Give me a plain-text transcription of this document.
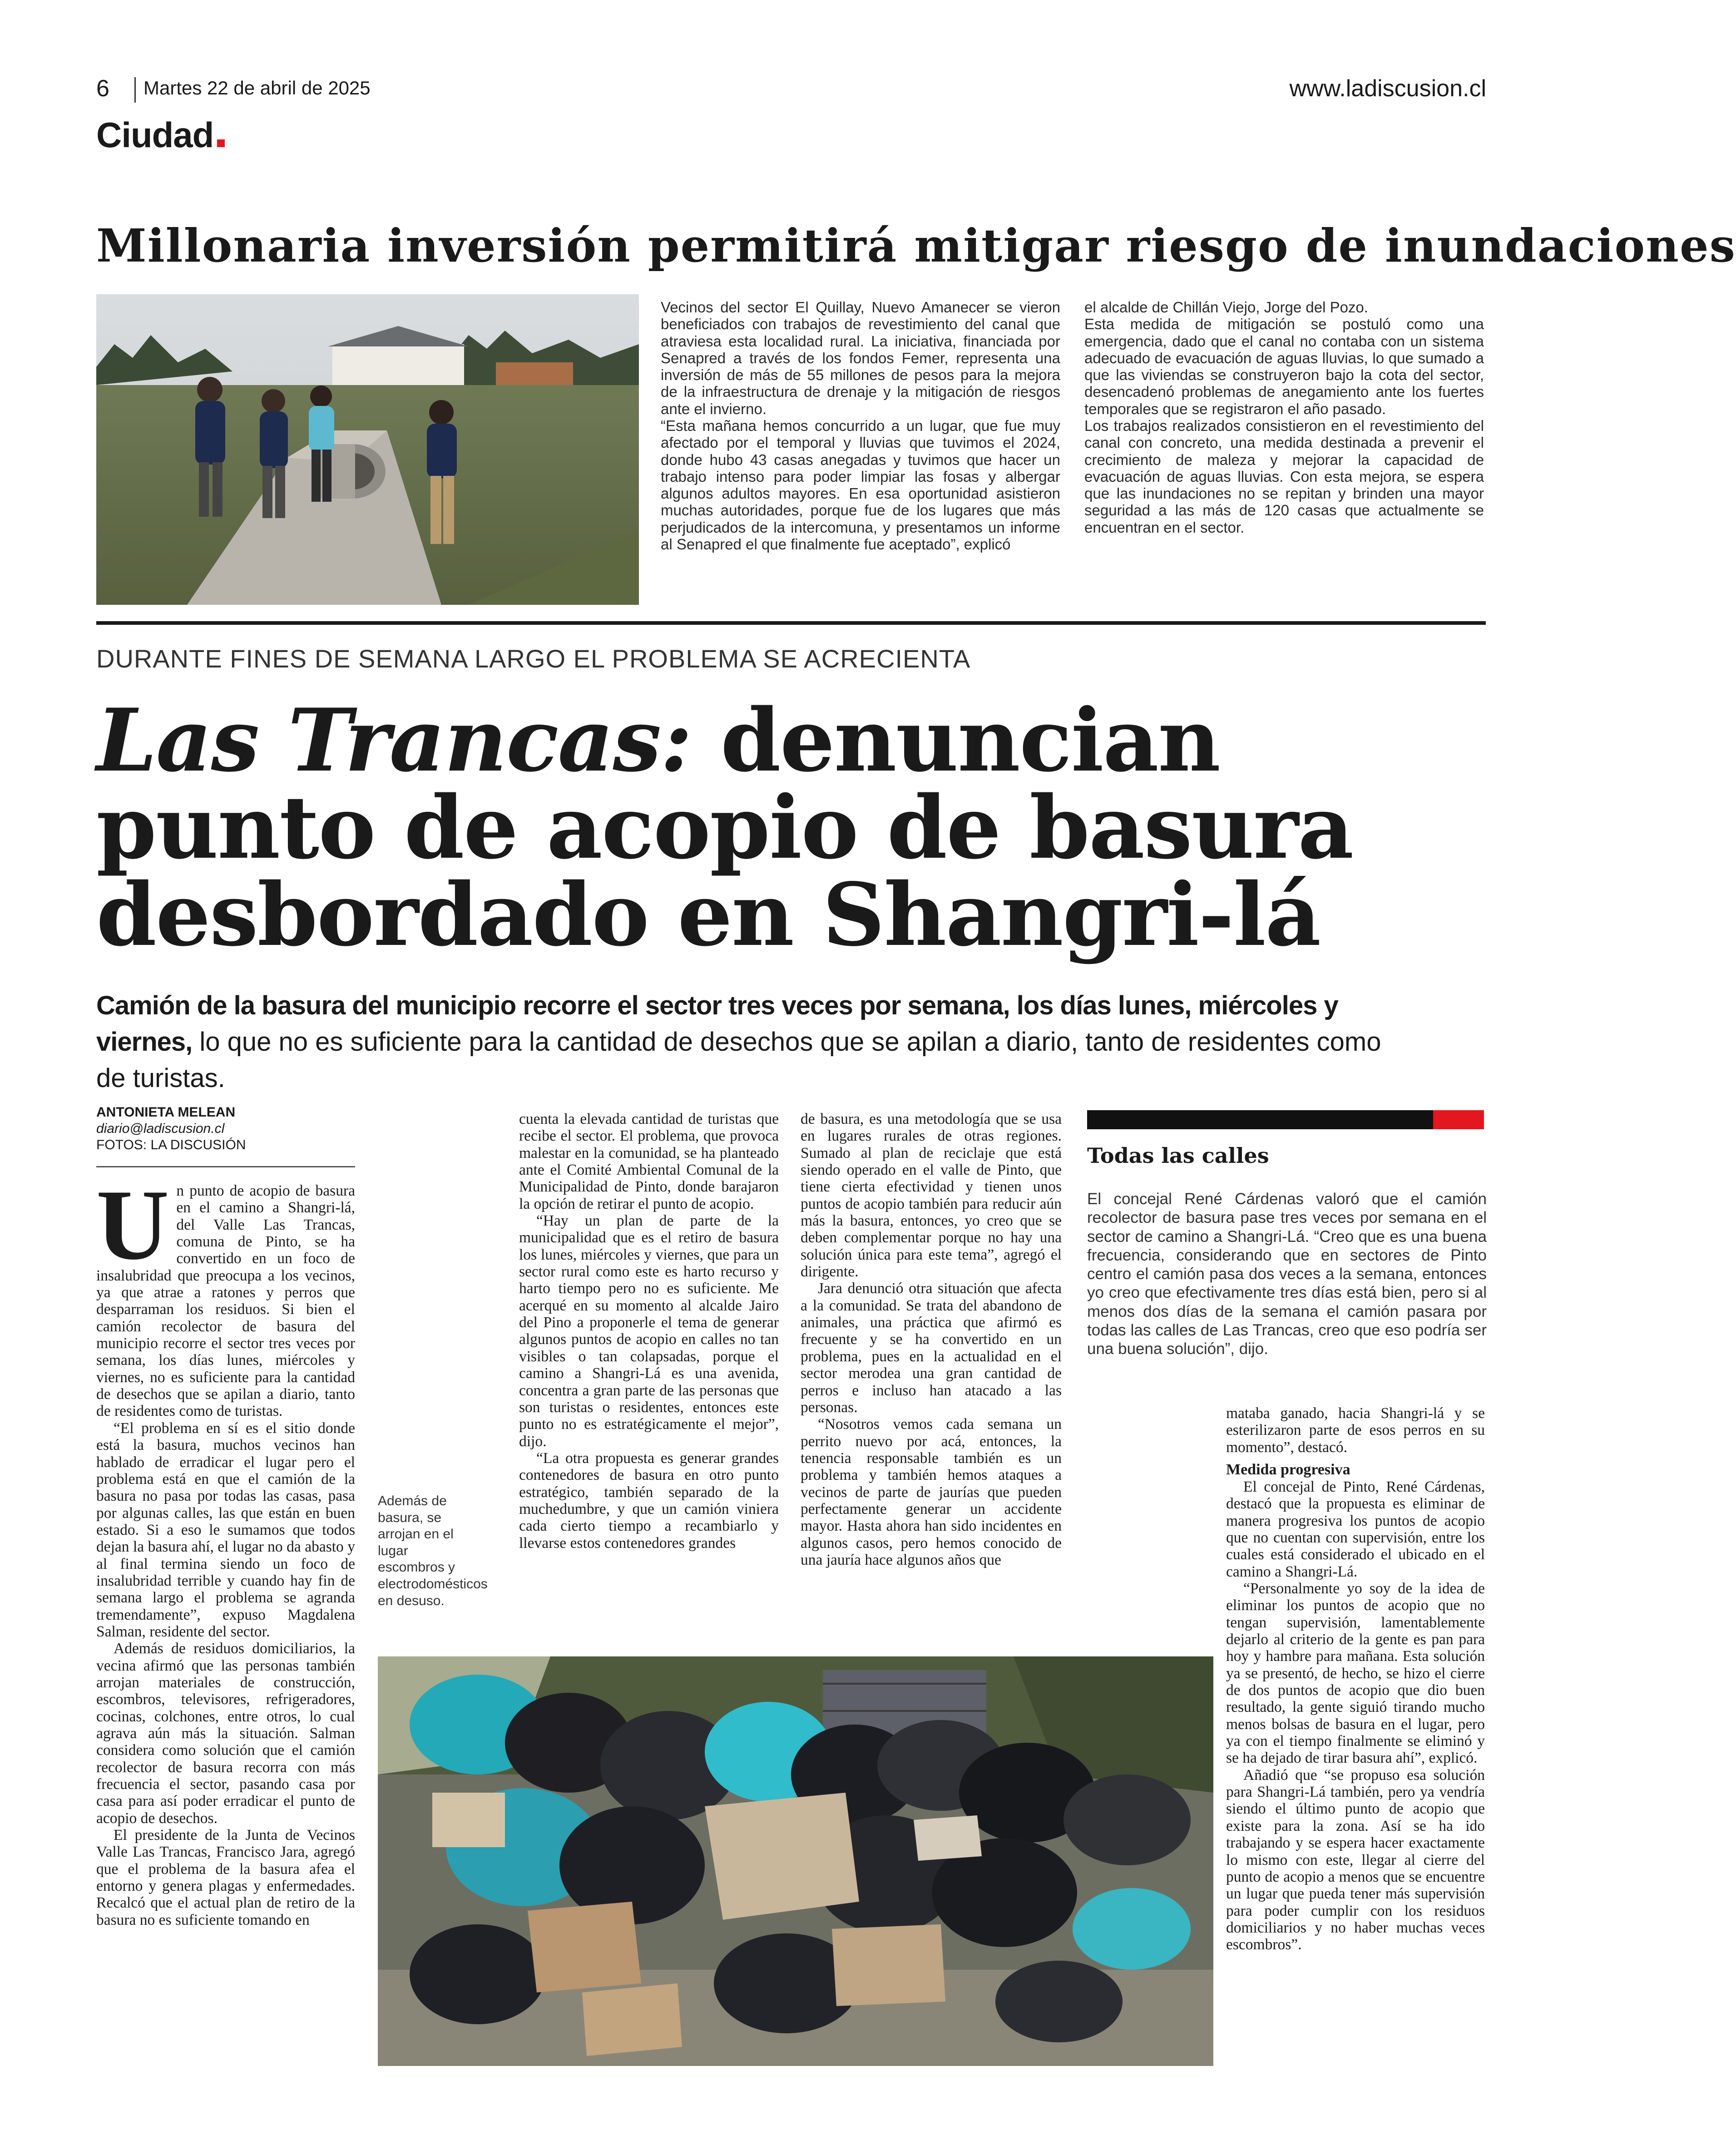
6 Martes 22 de abril de 2025	www.ladiscusion.cl
Ciudad
Millonaria inversión permitirá mitigar riesgo de inundaciones
Vecinos del sector El Quillay, Nuevo Amanecer se vieron beneficiados con trabajos de revestimiento del canal que atraviesa esta localidad rural. La iniciativa, financiada por Senapred a través de los fondos Femer, representa una inversión de más de 55 millones de pesos para la mejora de la infraestructura de drenaje y la mitigación de riesgos ante el invierno.
“Esta mañana hemos concurrido a un lugar, que fue muy afectado por el temporal y lluvias que tuvimos el 2024, donde hubo 43 casas anegadas y tuvimos que hacer un trabajo intenso para poder limpiar las fosas y albergar algunos adultos mayores. En esa oportunidad asistieron muchas autoridades, porque fue de los lugares que más perjudicados de la intercomuna, y presentamos un informe al Senapred el que finalmente fue aceptado”, explicó
el alcalde de Chillán Viejo, Jorge del Pozo.
Esta medida de mitigación se postuló como una emergencia, dado que el canal no contaba con un sistema adecuado de evacuación de aguas lluvias, lo que sumado a que las viviendas se construyeron bajo la cota del sector, desencadenó problemas de anegamiento ante los fuertes temporales que se registraron el año pasado.
Los trabajos realizados consistieron en el revestimiento del canal con concreto, una medida destinada a prevenir el crecimiento de maleza y mejorar la capacidad de evacuación de aguas lluvias. Con esta mejora, se espera que las inundaciones no se repitan y brinden una mayor seguridad a las más de 120 casas que actualmente se encuentran en el sector.
DURANTE FINES DE SEMANA LARGO EL PROBLEMA SE ACRECIENTA
Las Trancas: denuncian
punto de acopio de basura
desbordado en Shangri-lá
Camión de la basura del municipio recorre el sector tres veces por semana, los días lunes, miércoles y viernes, lo que no es suficiente para la cantidad de desechos que se apilan a diario, tanto de residentes como de turistas.
ANTONIETA MELEAN
diario@ladiscusion.cl
FOTOS: LA DISCUSIÓN

Un punto de acopio de basura en el camino a Shangri-lá, del Valle Las Trancas, comuna de Pinto, se ha convertido en un foco de insalubridad que preocupa a los vecinos, ya que atrae a ratones y perros que desparraman los residuos. Si bien el camión recolector de basura del municipio recorre el sector tres veces por semana, los días lunes, miércoles y viernes, no es suficiente para la cantidad de desechos que se apilan a diario, tanto de residentes como de turistas.

“El problema en sí es el sitio donde está la basura, muchos vecinos han hablado de erradicar el lugar pero el problema está en que el camión de la basura no pasa por todas las casas, pasa por algunas calles, las que están en buen estado. Si a eso le sumamos que todos dejan la basura ahí, el lugar no da abasto y al final termina siendo un foco de insalubridad terrible y cuando hay fin de semana largo el problema se agranda tremendamente”, expuso Magdalena Salman, residente del sector.

Además de residuos domiciliarios, la vecina afirmó que las personas también arrojan materiales de construcción, escombros, televisores, refrigeradores, cocinas, colchones, entre otros, lo cual agrava aún más la situación. Salman considera como solución que el camión recolector de basura recorra con más frecuencia el sector, pasando casa por casa para así poder erradicar el punto de acopio de desechos.

El presidente de la Junta de Vecinos Valle Las Trancas, Francisco Jara, agregó que el problema de la basura afea el entorno y genera plagas y enfermedades. Recalcó que el actual plan de retiro de la basura no es suficiente tomando en

cuenta la elevada cantidad de turistas que recibe el sector. El problema, que provoca malestar en la comunidad, se ha planteado ante el Comité Ambiental Comunal de la Municipalidad de Pinto, donde barajaron la opción de retirar el punto de acopio.

“Hay un plan de parte de la municipalidad que es el retiro de basura los lunes, miércoles y viernes, que para un sector rural como este es harto recurso y harto tiempo pero no es suficiente. Me acerqué en su momento al alcalde Jairo del Pino a proponerle el tema de generar algunos puntos de acopio en calles no tan visibles o tan colapsadas, porque el camino a Shangri-Lá es una avenida, concentra a gran parte de las personas que son turistas o residentes, entonces este punto no es estratégicamente el mejor”, dijo.

“La otra propuesta es generar grandes contenedores de basura en otro punto estratégico, también separado de la muchedumbre, y que un camión viniera cada cierto tiempo a recambiarlo y llevarse estos contenedores grandes

de basura, es una metodología que se usa en lugares rurales de otras regiones. Sumado al plan de reciclaje que está siendo operado en el valle de Pinto, que tiene cierta efectividad y tienen unos puntos de acopio también para reducir aún más la basura, entonces, yo creo que se deben complementar porque no hay una solución única para este tema”, agregó el dirigente.

Jara denunció otra situación que afecta a la comunidad. Se trata del abandono de animales, una práctica que afirmó es frecuente y se ha convertido en un problema, pues en la actualidad en el sector merodea una gran cantidad de perros e incluso han atacado a las personas.

“Nosotros vemos cada semana un perrito nuevo por acá, entonces, la tenencia responsable también es un problema y también hemos ataques a vecinos de parte de jaurías que pueden perfectamente generar un accidente mayor. Hasta ahora han sido incidentes en algunos casos, pero hemos conocido de una jauría hace algunos años que

Además de basura, se arrojan en el lugar escombros y electrodomésticos en desuso.
Todas las calles
El concejal René Cárdenas valoró que el camión recolector de basura pase tres veces por semana en el sector de camino a Shangri-Lá. “Creo que es una buena frecuencia, considerando que en sectores de Pinto centro el camión pasa dos veces a la semana, entonces yo creo que efectivamente tres días está bien, pero si al menos dos días de la semana el camión pasara por todas las calles de Las Trancas, creo que eso podría ser una buena solución”, dijo.

mataba ganado, hacia Shangri-lá y se esterilizaron parte de esos perros en su momento”, destacó.

Medida progresiva

El concejal de Pinto, René Cárdenas, destacó que la propuesta es eliminar de manera progresiva los puntos de acopio que no cuentan con supervisión, entre los cuales está considerado el ubicado en el camino a Shangri-Lá.

“Personalmente yo soy de la idea de eliminar los puntos de acopio que no tengan supervisión, lamentablemente dejarlo al criterio de la gente es pan para hoy y hambre para mañana. Esta solución ya se presentó, de hecho, se hizo el cierre de dos puntos de acopio que dio buen resultado, la gente siguió tirando mucho menos bolsas de basura en el lugar, pero ya con el tiempo finalmente se eliminó y se ha dejado de tirar basura ahí”, explicó.

Añadió que “se propuso esa solución para Shangri-Lá también, pero ya vendría siendo el último punto de acopio que existe para la zona. Así se ha ido trabajando y se espera hacer exactamente lo mismo con este, llegar al cierre del punto de acopio a menos que se encuentre un lugar que pueda tener más supervisión para poder cumplir con los residuos domiciliarios y no haber muchas veces escombros”.
